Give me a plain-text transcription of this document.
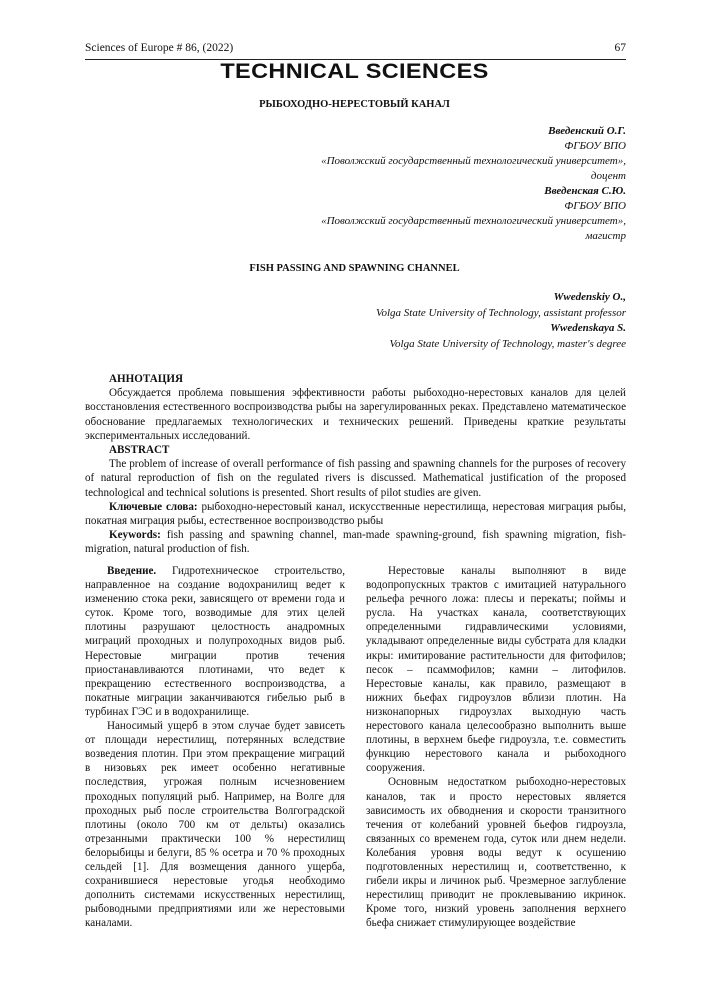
Sciences of Europe # 86, (2022)	67
TECHNICAL SCIENCES
РЫБОХОДНО-НЕРЕСТОВЫЙ КАНАЛ
Введенский О.Г.
ФГБОУ ВПО
«Поволжский государственный технологический университет»,
доцент
Введенская С.Ю.
ФГБОУ ВПО
«Поволжский государственный технологический университет»,
магистр
FISH PASSING AND SPAWNING CHANNEL
Wwedenskiy O.,
Volga State University of Technology, assistant professor
Wwedenskaya S.
Volga State University of Technology, master's degree

АННОТАЦИЯ

Обсуждается проблема повышения эффективности работы рыбоходно-нерестовых каналов для целей восстановления естественного воспроизводства рыбы на зарегулированных реках. Представлено математическое обоснование предлагаемых технологических и технических решений. Приведены краткие результаты экспериментальных исследований.

ABSTRACT

The problem of increase of overall performance of fish passing and spawning channels for the purposes of recovery of natural reproduction of fish on the regulated rivers is discussed. Mathematical justification of the proposed technological and technical solutions is presented. Short results of pilot studies are given.

Ключевые слова: рыбоходно-нерестовый канал, искусственные нерестилища, нерестовая миграция рыбы, покатная миграция рыбы, естественное воспроизводство рыбы

Keywords: fish passing and spawning channel, man-made spawning-ground, fish spawning migration, fish-migration, natural production of fish.

Введение. Гидротехническое строительство, направленное на создание водохранилищ ведет к изменению стока реки, зависящего от времени года и суток. Кроме того, возводимые для этих целей плотины разрушают целостность анадромных миграций проходных и полупроходных видов рыб. Нерестовые миграции против течения приостанавливаются плотинами, что ведет к прекращению естественного воспроизводства, а покатные миграции заканчиваются гибелью рыб в турбинах ГЭС и в водохранилище.

Наносимый ущерб в этом случае будет зависеть от площади нерестилищ, потерянных вследствие возведения плотин. При этом прекращение миграций в низовьях рек имеет особенно негативные последствия, угрожая полным исчезновением проходных популяций рыб. Например, на Волге для проходных рыб после строительства Волгоградской плотины (около 700 км от дельты) оказались отрезанными практически 100 % нерестилищ белорыбицы и белуги, 85 % осетра и 70 % проходных сельдей [1]. Для возмещения данного ущерба, сохранившиеся нерестовые угодья необходимо дополнить системами искусственных нерестилищ, рыбоводными предприятиями или же нерестовыми каналами.

Нерестовые каналы выполняют в виде водопропускных трактов с имитацией натурального рельефа речного ложа: плесы и перекаты; поймы и русла. На участках канала, соответствующих определенными гидравлическими условиями, укладывают определенные виды субстрата для кладки икры: имитирование растительности для фитофилов; песок – псаммофилов; камни – литофилов. Нерестовые каналы, как правило, размещают в нижних бьефах гидроузлов вблизи плотин. На низконапорных гидроузлах выходную часть нерестового канала целесообразно выполнить выше плотины, в верхнем бьефе гидроузла, т.е. совместить функцию нерестового канала и рыбоходного сооружения.

Основным недостатком рыбоходно-нерестовых каналов, так и просто нерестовых является зависимость их обводнения и скорости транзитного течения от колебаний уровней бьефов гидроузла, связанных со временем года, суток или днем недели. Колебания уровня воды ведут к осушению подготовленных нерестилищ и, соответственно, к гибели икры и личинок рыб. Чрезмерное заглубление нерестилищ приводит не проклевыванию икринок. Кроме того, низкий уровень заполнения верхнего бьефа снижает стимулирующее воздействие
